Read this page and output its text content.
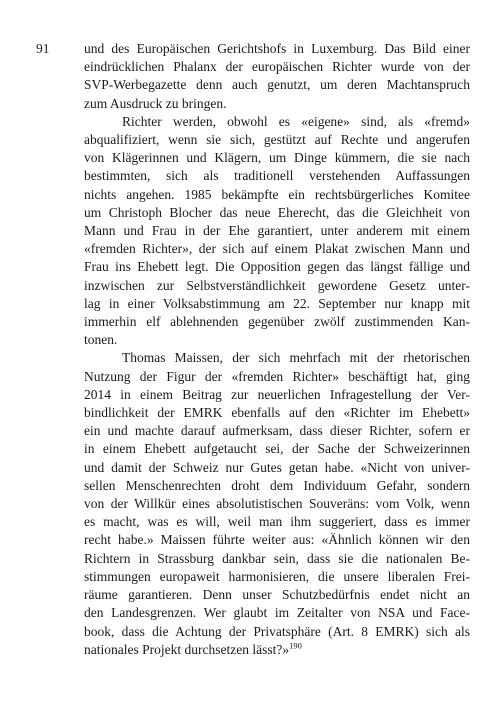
91	und des Europäischen Gerichtshofs in Luxemburg. Das Bild einer
eindrücklichen Phalanx der europäischen Richter wurde von der
SVP-Werbegazette denn auch genutzt, um deren Machtanspruch
zum Ausdruck zu bringen.
Richter werden, obwohl es «eigene» sind, als «fremd»
abqualifiziert, wenn sie sich, gestützt auf Rechte und angerufen
von Klägerinnen und Klägern, um Dinge kümmern, die sie nach
bestimmten, sich als traditionell verstehenden Auffassungen
nichts angehen. 1985 bekämpfte ein rechtsbürgerliches Komitee
um Christoph Blocher das neue Eherecht, das die Gleichheit von
Mann und Frau in der Ehe garantiert, unter anderem mit einem
«fremden Richter», der sich auf einem Plakat zwischen Mann und
Frau ins Ehebett legt. Die Opposition gegen das längst fällige und
inzwischen zur Selbstverständlichkeit gewordene Gesetz unter-
lag in einer Volksabstimmung am 22. September nur knapp mit
immerhin elf ablehnenden gegenüber zwölf zustimmenden Kan-
tonen.
Thomas Maissen, der sich mehrfach mit der rhetorischen
Nutzung der Figur der «fremden Richter» beschäftigt hat, ging
2014 in einem Beitrag zur neuerlichen Infragestellung der Ver-
bindlichkeit der EMRK ebenfalls auf den «Richter im Ehebett»
ein und machte darauf aufmerksam, dass dieser Richter, sofern er
in einem Ehebett aufgetaucht sei, der Sache der Schweizerinnen
und damit der Schweiz nur Gutes getan habe. «Nicht von univer-
sellen Menschenrechten droht dem Individuum Gefahr, sondern
von der Willkür eines absolutistischen Souveräns: vom Volk, wenn
es macht, was es will, weil man ihm suggeriert, dass es immer
recht habe.» Maissen führte weiter aus: «Ähnlich können wir den
Richtern in Strassburg dankbar sein, dass sie die nationalen Be-
stimmungen europaweit harmonisieren, die unsere liberalen Frei-
räume garantieren. Denn unser Schutzbedürfnis endet nicht an
den Landesgrenzen. Wer glaubt im Zeitalter von NSA und Face-
book, dass die Achtung der Privatsphäre (Art. 8 EMRK) sich als
nationales Projekt durchsetzen lässt?»$^{190}$
